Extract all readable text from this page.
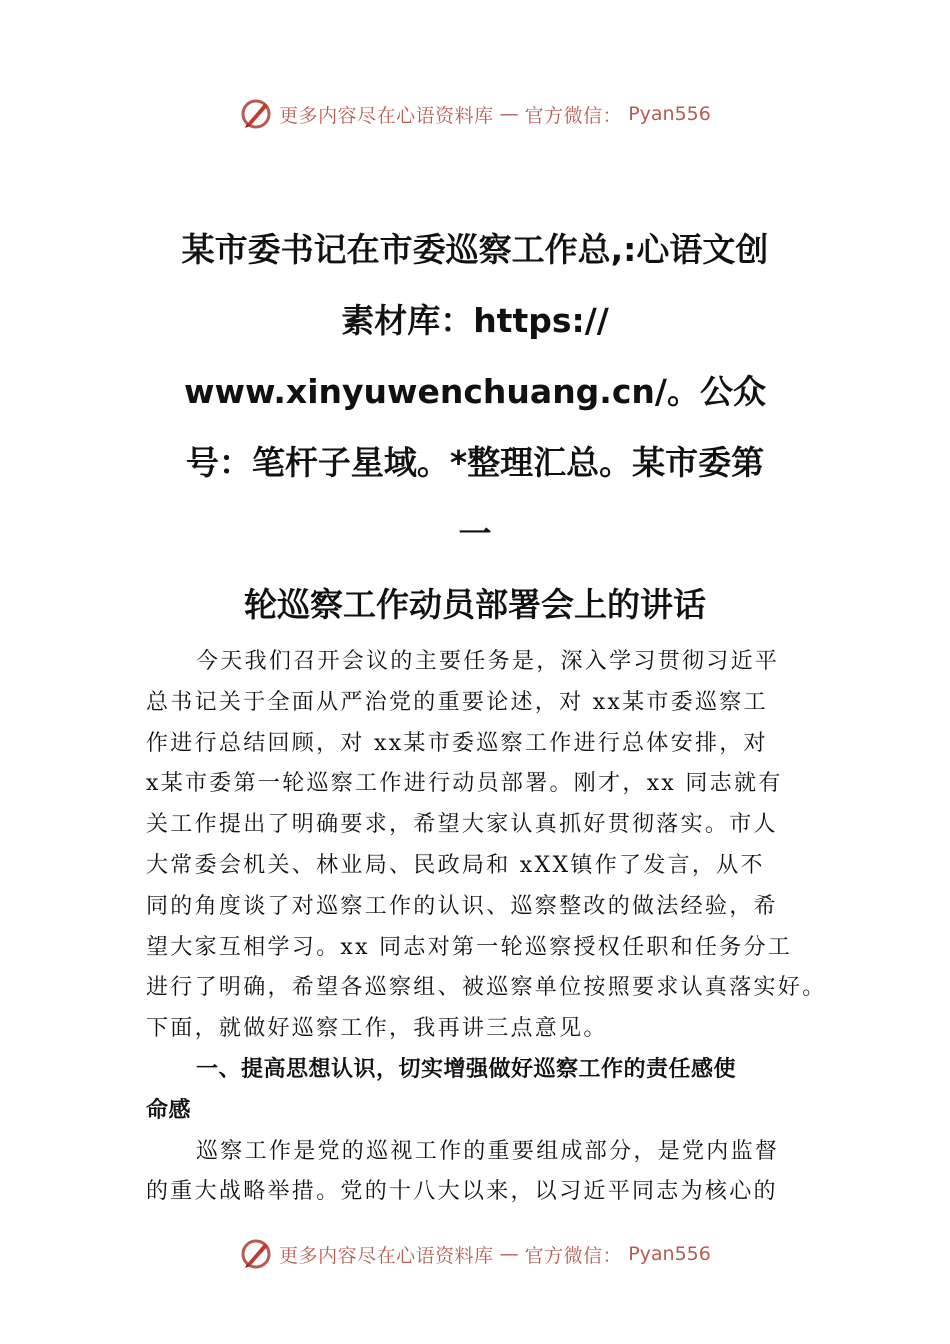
更多内容尽在心语资料库 — 官方微信： Pyan556
某市委书记在市委巡察工作总,:心语文创
素材库：https://
www.xinyuwenchuang.cn/。公众
号：笔杆子星域。*整理汇总。某市委第
一
轮巡察工作动员部署会上的讲话
今天我们召开会议的主要任务是，深入学习贯彻习近平
总书记关于全面从严治党的重要论述，对 xx某市委巡察工
作进行总结回顾，对 xx某市委巡察工作进行总体安排，对
x某市委第一轮巡察工作进行动员部署。刚才，xx 同志就有
关工作提出了明确要求，希望大家认真抓好贯彻落实。市人
大常委会机关、林业局、民政局和 xXX镇作了发言，从不
同的角度谈了对巡察工作的认识、巡察整改的做法经验，希
望大家互相学习。xx 同志对第一轮巡察授权任职和任务分工
进行了明确，希望各巡察组、被巡察单位按照要求认真落实好。
下面，就做好巡察工作，我再讲三点意见。
一、提高思想认识，切实增强做好巡察工作的责任感使
命感
巡察工作是党的巡视工作的重要组成部分，是党内监督
的重大战略举措。党的十八大以来，以习近平同志为核心的
更多内容尽在心语资料库 — 官方微信： Pyan556
